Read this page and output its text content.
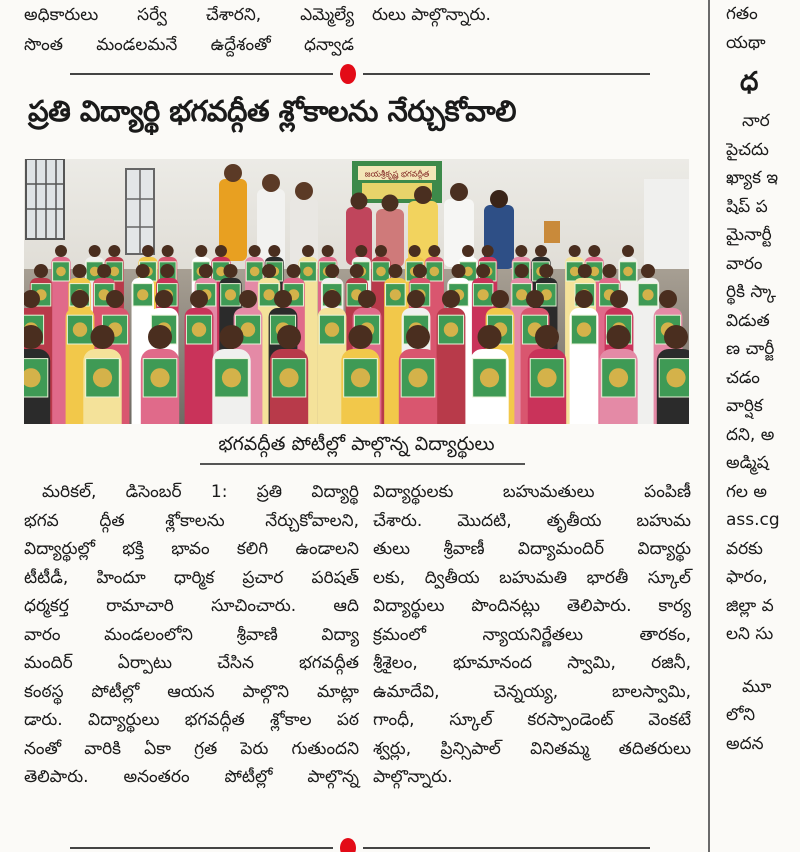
అధికారులు సర్వే చేశారని, ఎమ్మెల్యే

సొంత మండలమనే ఉద్దేశంతో ధన్వాడ

రులు పాల్గొన్నారు.

ప్రతి విద్యార్థి భగవద్గీత శ్లోకాలను నేర్చుకోవాలి
జయశ్రీకృష్ణ భగవద్గీత
భగవద్గీత పోటీల్లో పాల్గొన్న విద్యార్థులు

మరికల్, డిసెంబర్ 1: ప్రతి విద్యార్థి

భగవ ద్గీత శ్లోకాలను నేర్చుకోవాలని,

విద్యార్థుల్లో భక్తి భావం కలిగి ఉండాలని

టీటీడీ, హిందూ ధార్మిక ప్రచార పరిషత్

ధర్మకర్త రామాచారి సూచించారు. ఆది

వారం మండలంలోని శ్రీవాణి విద్యా

మందిర్ ఏర్పాటు చేసిన భగవద్గీత

కంఠస్థ పోటీల్లో ఆయన పాల్గొని మాట్లా

డారు. విద్యార్థులు భగవద్గీత శ్లోకాల పఠ

నంతో వారికి ఏకా గ్రత పెరు గుతుందని

తెలిపారు. అనంతరం పోటీల్లో పాల్గొన్న

విద్యార్థులకు బహుమతులు పంపిణీ

చేశారు. మొదటి, తృతీయ బహుమ

తులు శ్రీవాణీ విద్యామందిర్ విద్యార్థు

లకు, ద్వితీయ బహుమతి భారతీ స్కూల్

విద్యార్థులు పొందినట్లు తెలిపారు. కార్య

క్రమంలో న్యాయనిర్ణేతలు తారకం,

శ్రీశైలం, భూమానంద స్వామి, రజినీ,

ఉమాదేవి, చెన్నయ్య, బాలస్వామి,

గాంధీ, స్కూల్ కరస్పాండెంట్ వెంకటే

శ్వర్లు, ప్రిన్సిపాల్ వినితమ్మ తదితరులు

పాల్గొన్నారు.

గతం
యథా
ధ
నార
పైచదు
ఖ్యాక ఇ
షిప్ ప
మైనార్టీ
వారం
ర్థికి స్కా
విడుత
ణ చార్జీ
చడం
వార్షిక
దని, అ
అడ్మిష
గల అ
ass.cg
వరకు
ఫారం,
జిల్లా వ
లని సు
మూ
లోని
అదన
